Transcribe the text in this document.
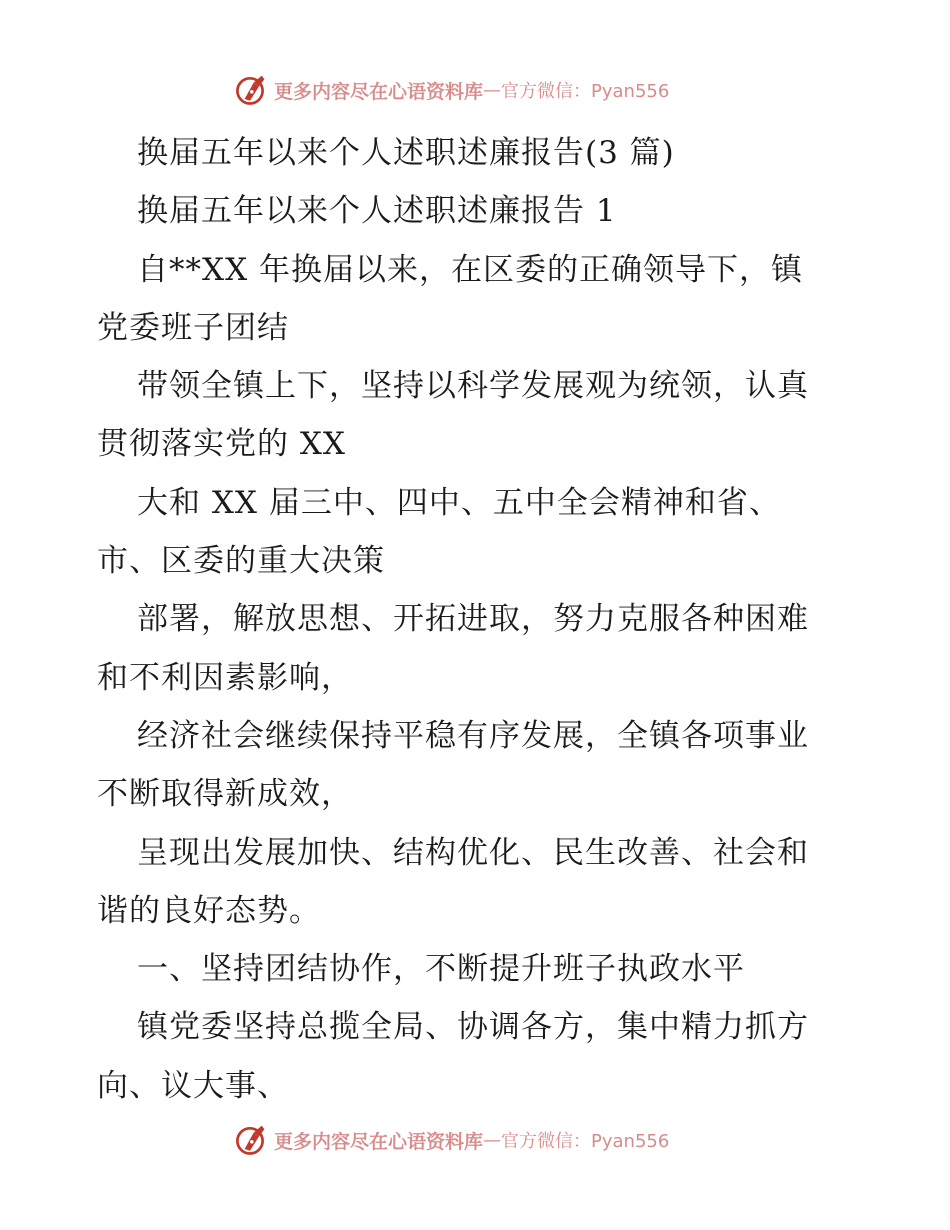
更多内容尽在心语资料库 — 官方微信：Pyan556
换届五年以来个人述职述廉报告(3 篇)
换届五年以来个人述职述廉报告 1
自**XX 年换届以来，在区委的正确领导下，镇
党委班子团结
带领全镇上下，坚持以科学发展观为统领，认真
贯彻落实党的 XX
大和 XX 届三中、四中、五中全会精神和省、
市、区委的重大决策
部署，解放思想、开拓进取，努力克服各种困难
和不利因素影响，
经济社会继续保持平稳有序发展，全镇各项事业
不断取得新成效，
呈现出发展加快、结构优化、民生改善、社会和
谐的良好态势。
一、坚持团结协作，不断提升班子执政水平
镇党委坚持总揽全局、协调各方，集中精力抓方
向、议大事、
更多内容尽在心语资料库 — 官方微信：Pyan556
